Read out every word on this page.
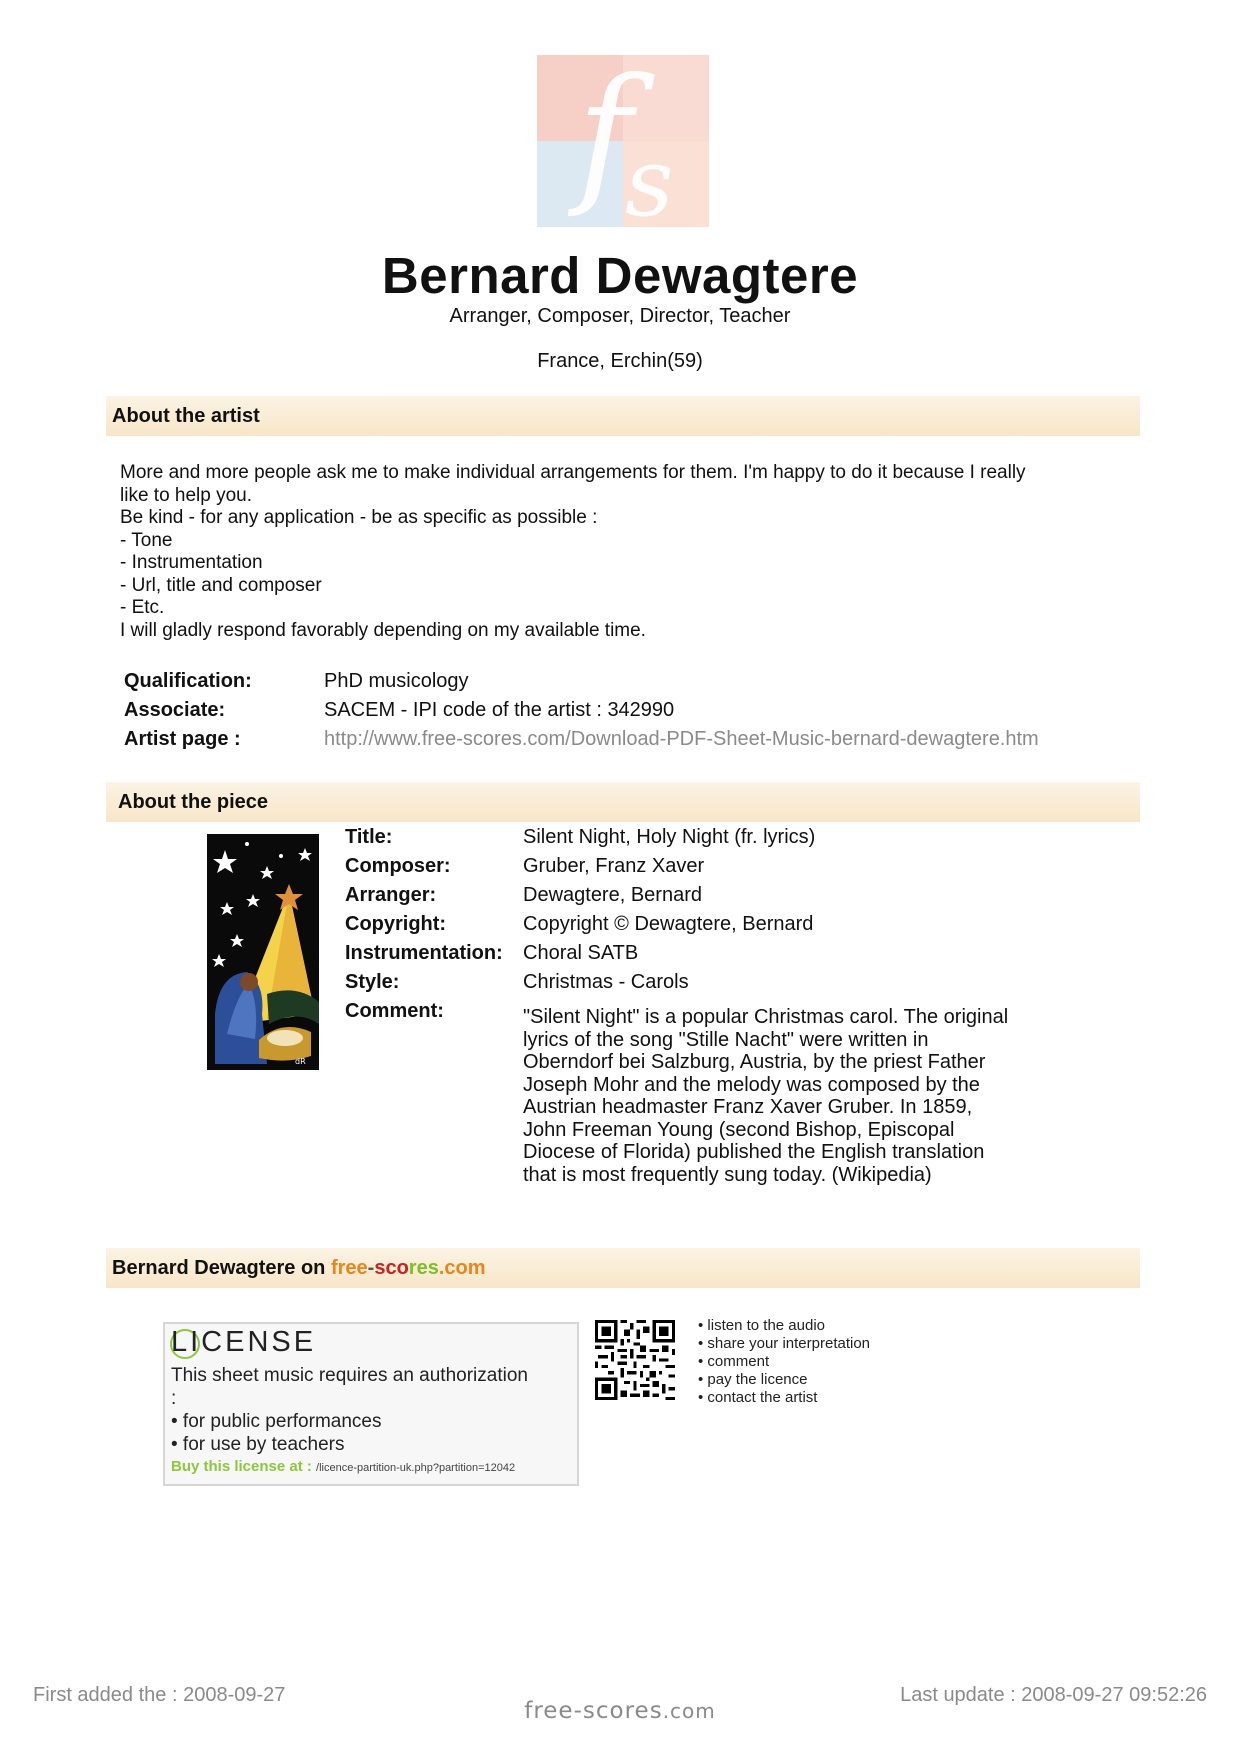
f
s
Bernard Dewagtere
Arranger, Composer, Director, Teacher
France, Erchin(59)
About the artist
More and more people ask me to make individual arrangements for them. I'm happy to do it because I really
like to help you.
Be kind - for any application - be as specific as possible :
- Tone
- Instrumentation
- Url, title and composer
- Etc.
I will gladly respond favorably depending on my available time.
Qualification:	PhD musicology
Associate:	SACEM - IPI code of the artist : 342990
Artist page :	http://www.free-scores.com/Download-PDF-Sheet-Music-bernard-dewagtere.htm
About the piece
dR
Title:	Silent Night, Holy Night (fr. lyrics)
Composer:	Gruber, Franz Xaver
Arranger:	Dewagtere, Bernard
Copyright:	Copyright © Dewagtere, Bernard
Instrumentation: Choral SATB
Style:	Christmas - Carols
Comment:	"Silent Night" is a popular Christmas carol. The original
lyrics of the song "Stille Nacht" were written in
Oberndorf bei Salzburg, Austria, by the priest Father
Joseph Mohr and the melody was composed by the
Austrian headmaster Franz Xaver Gruber. In 1859,
John Freeman Young (second Bishop, Episcopal
Diocese of Florida) published the English translation
that is most frequently sung today. (Wikipedia)
Bernard Dewagtere on free-scores.com
LICENSE
This sheet music requires an authorization
:
• for public performances
• for use by teachers
Buy this license at : /licence-partition-uk.php?partition=12042
• listen to the audio
• share your interpretation
• comment
• pay the licence
• contact the artist
First added the : 2008-09-27	Last update : 2008-09-27 09:52:26
free-scores.com
